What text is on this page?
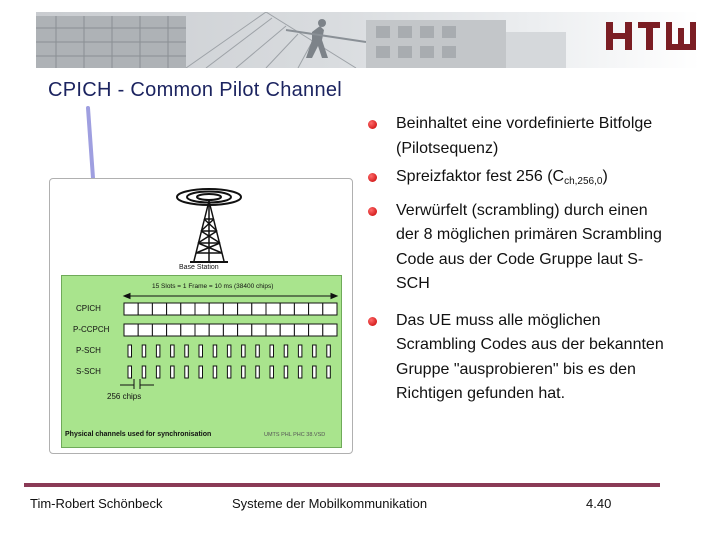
CPICH - Common Pilot Channel
Base Station
15 Slots = 1 Frame = 10 ms (38400 chips)
CPICH
P-CCPCH
P-SCH
S-SCH
256 chips
Physical channels used for synchronisation	UMTS PHL PHC 38.VSD
Beinhaltet eine vordefinierte Bitfolge (Pilotsequenz)
Spreizfaktor fest 256 $(C_{ch,256,0})$
Verwürfelt (scrambling) durch einen der 8 möglichen primären Scrambling Code aus der Code Gruppe laut S-SCH
Das UE muss alle möglichen Scrambling Codes aus der bekannten Gruppe "ausprobieren" bis es den Richtigen gefunden hat.
Tim-Robert Schönbeck	Systeme der Mobilkommunikation	4.40
